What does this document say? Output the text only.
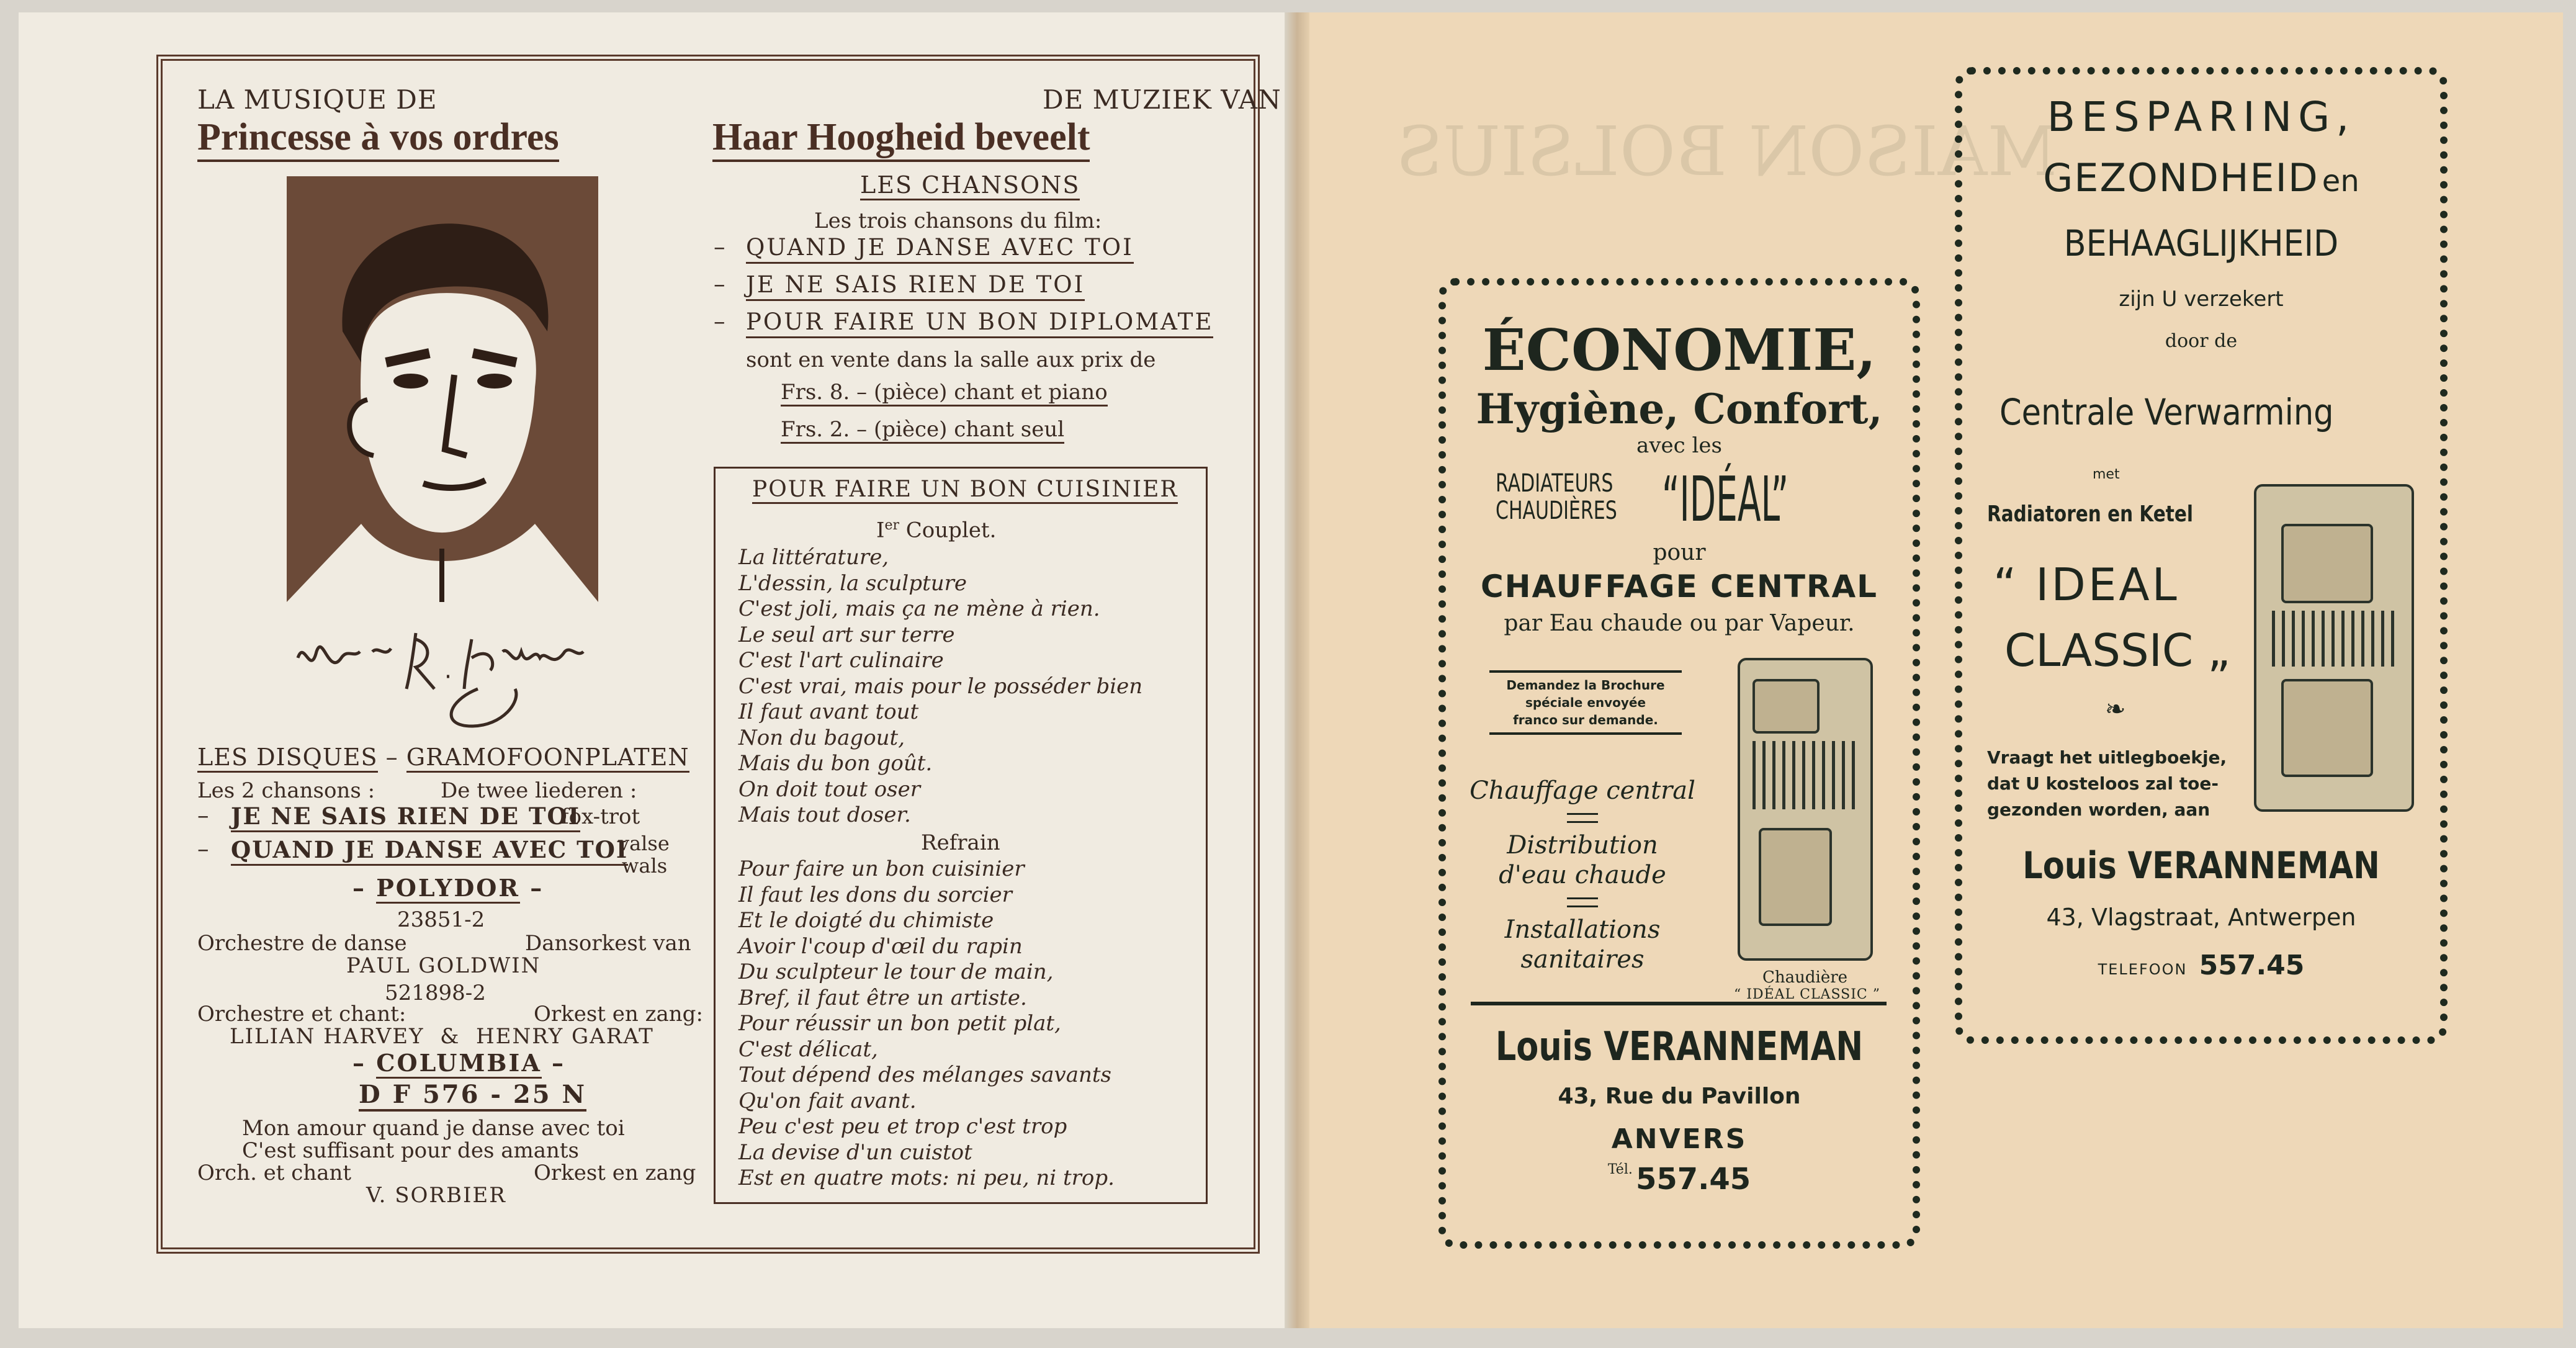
MAISON BOLSIUS
LA MUSIQUE DE
Princesse à vos ordres
DE MUZIEK VAN
Haar Hoogheid beveelt
LES CHANSONS
Les trois chansons du film:
– QUAND JE DANSE AVEC TOI
– JE NE SAIS RIEN DE TOI
– POUR FAIRE UN BON DIPLOMATE
sont en vente dans la salle aux prix de
Frs. 8. – (pièce) chant et piano
Frs. 2. – (pièce) chant seul
POUR FAIRE UN BON CUISINIER
Ier Couplet.
La littérature,
L'dessin, la sculpture
C'est joli, mais ça ne mène à rien.
Le seul art sur terre
C'est l'art culinaire
C'est vrai, mais pour le posséder bien
Il faut avant tout
Non du bagout,
Mais du bon goût.
On doit tout oser
Mais tout doser.
Refrain
Pour faire un bon cuisinier
Il faut les dons du sorcier
Et le doigté du chimiste
Avoir l'coup d'œil du rapin
Du sculpteur le tour de main,
Bref, il faut être un artiste.
Pour réussir un bon petit plat,
C'est délicat,
Tout dépend des mélanges savants
Qu'on fait avant.
Peu c'est peu et trop c'est trop
La devise d'un cuistot
Est en quatre mots: ni peu, ni trop.
LES DISQUES – GRAMOFOONPLATEN
Les 2 chansons :	De twee liederen :
– JE NE SAIS RIEN DE TOI
fox-trot
– QUAND JE DANSE AVEC TOI
valse
wals
– POLYDOR –
23851-2
Orchestre de danse	Dansorkest van
PAUL GOLDWIN
521898-2
Orchestre et chant:	Orkest en zang:
LILIAN HARVEY  &  HENRY GARAT
– COLUMBIA –
D F 576 - 25 N
Mon amour quand je danse avec toi
C'est suffisant pour des amants
Orch. et chant	Orkest en zang
V. SORBIER
ÉCONOMIE,
Hygiène, Confort,
avec les
RADIATEURS
CHAUDIÈRES “IDÉAL”
pour
CHAUFFAGE CENTRAL
par Eau chaude ou par Vapeur.
Demandez la Brochure
spéciale envoyée
franco sur demande.
Chauffage central
Distribution
d'eau chaude
Installations
sanitaires
Chaudière
“ IDÉAL CLASSIC ”
Louis VERANNEMAN
43, Rue du Pavillon
ANVERS
Tél. 557.45
BESPARING,
GEZONDHEID en
BEHAAGLIJKHEID
zijn U verzekert
door de
Centrale Verwarming
met
Radiatoren en Ketel
“ IDEAL
CLASSIC „
❧
Vraagt het uitlegboekje,
dat U kosteloos zal toe-
gezonden worden, aan
Louis VERANNEMAN
43, Vlagstraat, Antwerpen
TELEFOON 557.45
